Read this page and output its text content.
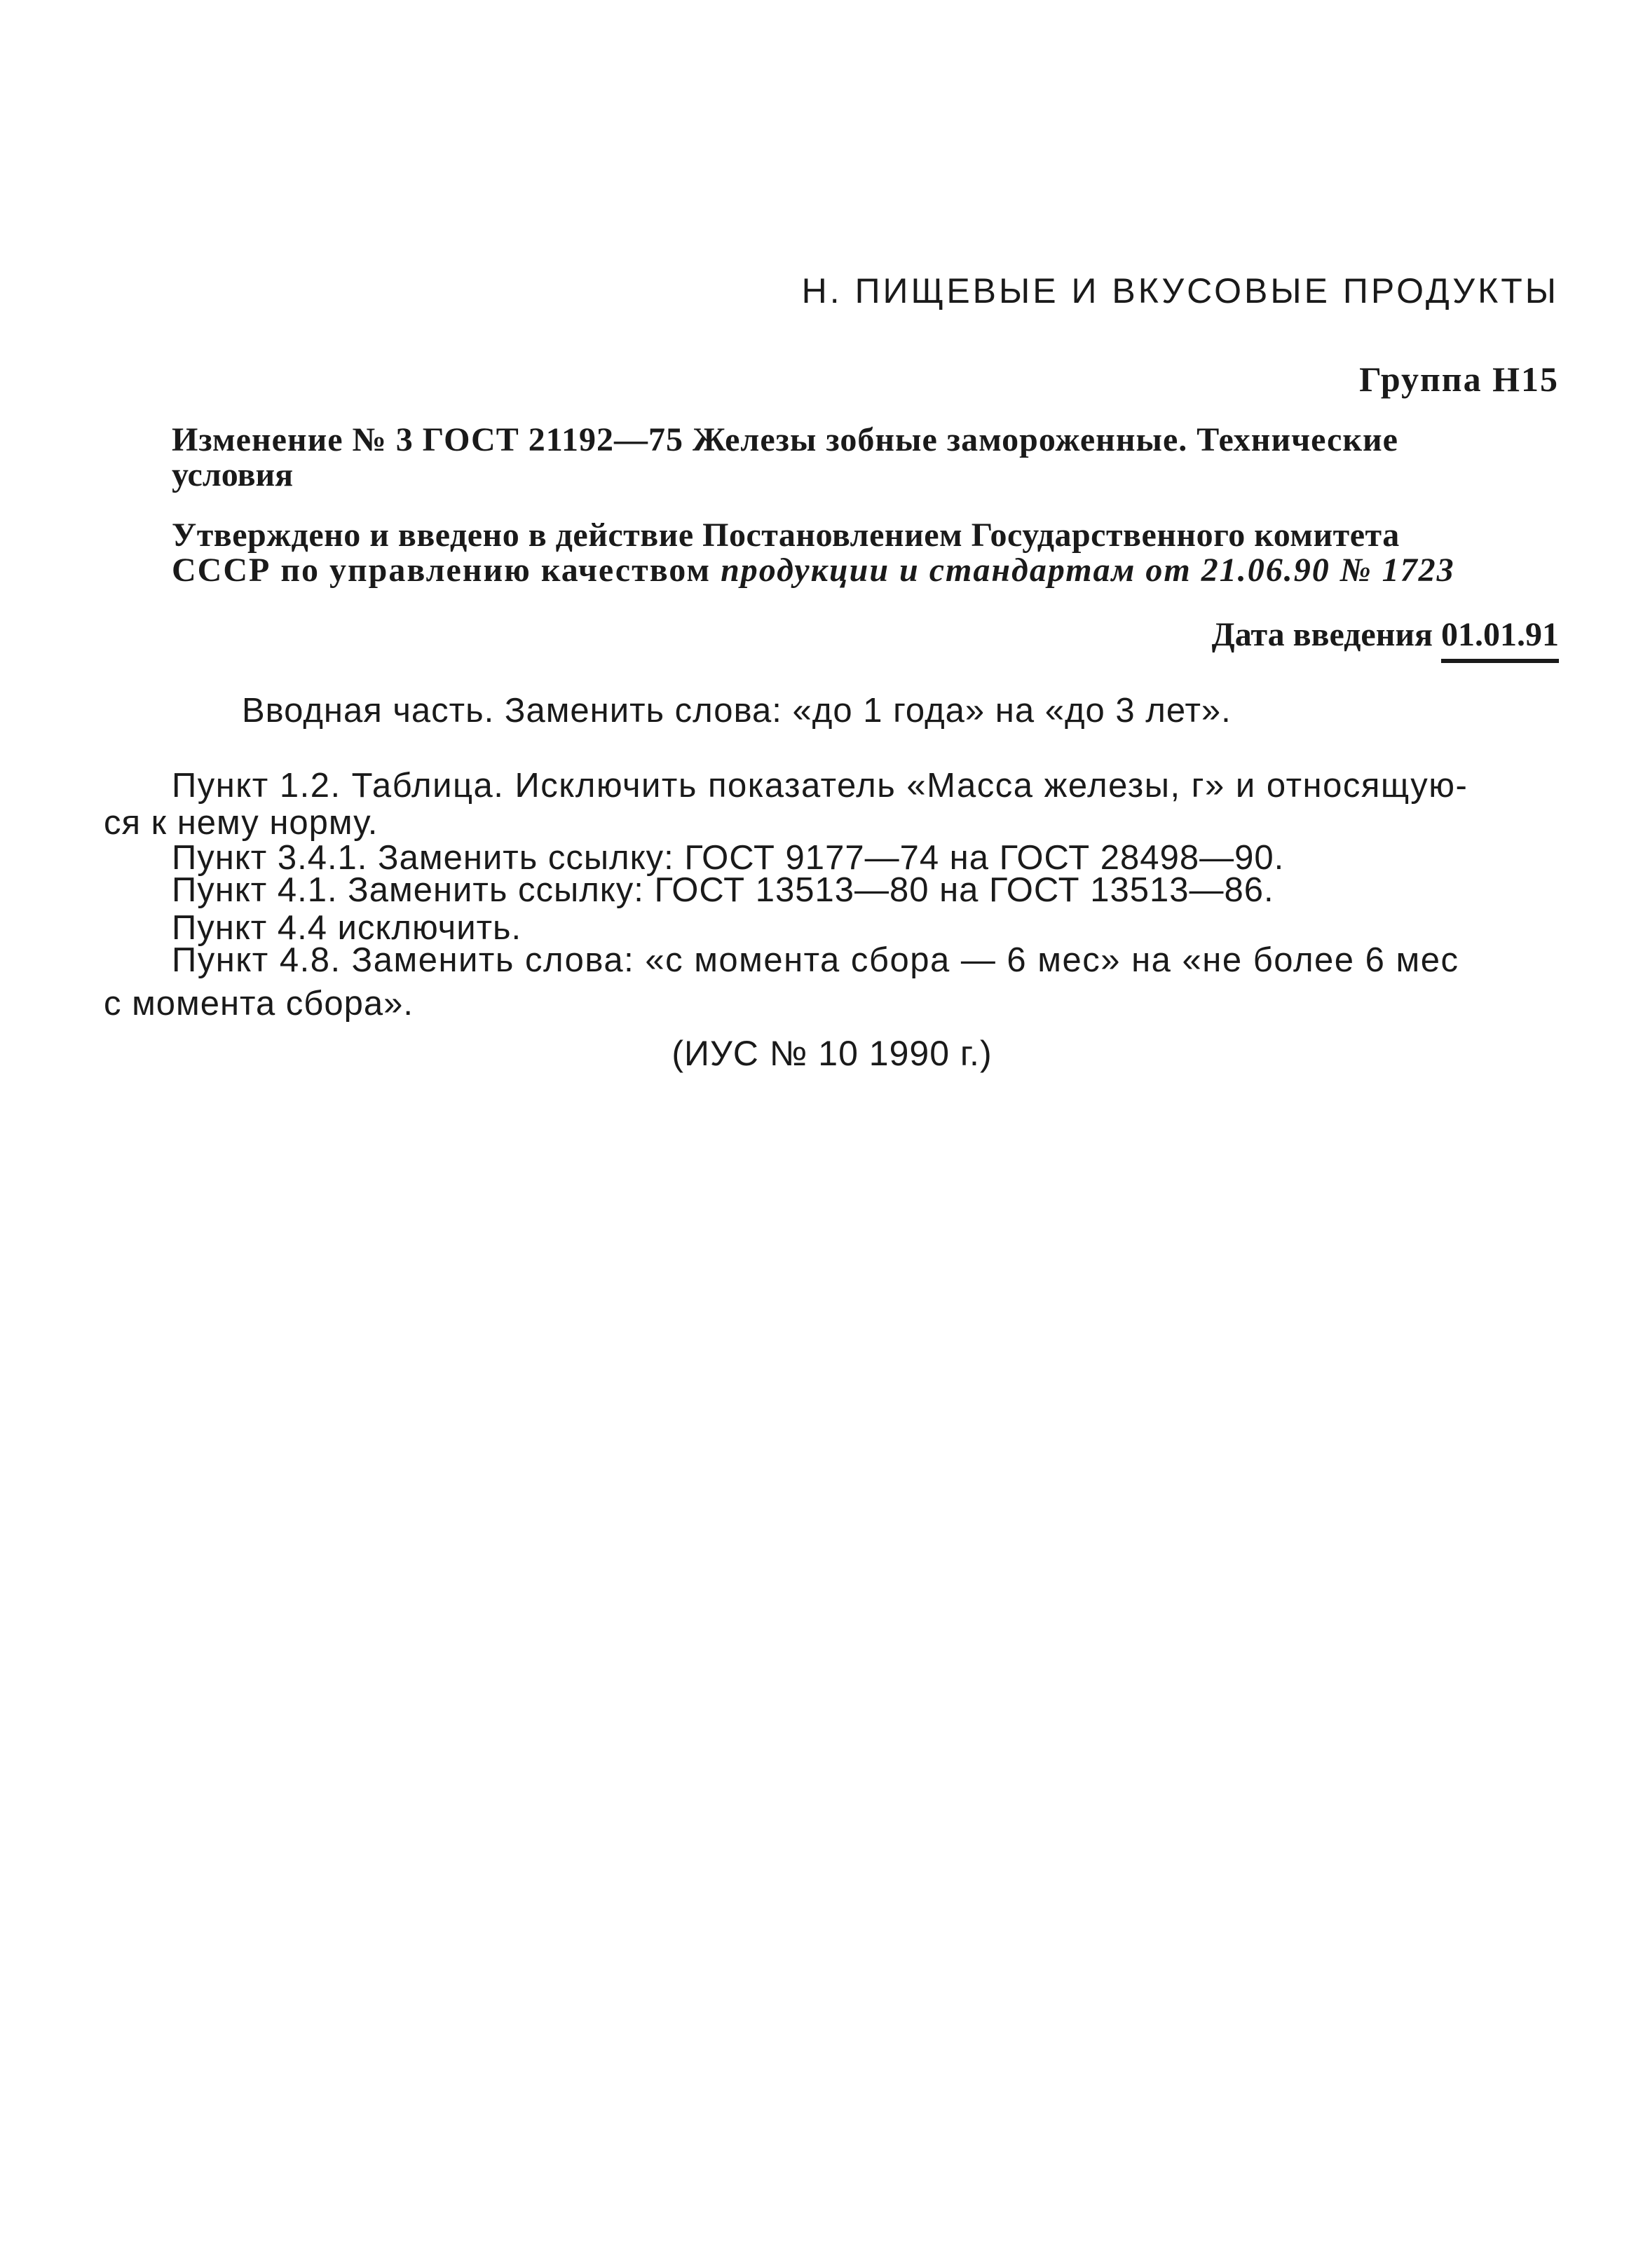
Н. ПИЩЕВЫЕ И ВКУСОВЫЕ ПРОДУКТЫ
Группа Н15
Изменение № 3 ГОСТ 21192—75 Железы зобные замороженные. Технические
условия
Утверждено и введено в действие Постановлением Государственного комитета
СССР по управлению качеством продукции и стандартам от 21.06.90 № 1723
Дата введения 01.01.91
Вводная часть. Заменить слова: «до 1 года» на «до 3 лет».
Пункт 1.2. Таблица. Исключить показатель «Масса железы, г» и относящую-
ся к нему норму.
Пункт 3.4.1. Заменить ссылку: ГОСТ 9177—74 на ГОСТ 28498—90.
Пункт 4.1. Заменить ссылку: ГОСТ 13513—80 на ГОСТ 13513—86.
Пункт 4.4 исключить.
Пункт 4.8. Заменить слова: «с момента сбора — 6 мес» на «не более 6 мес
с момента сбора».
(ИУС № 10 1990 г.)
